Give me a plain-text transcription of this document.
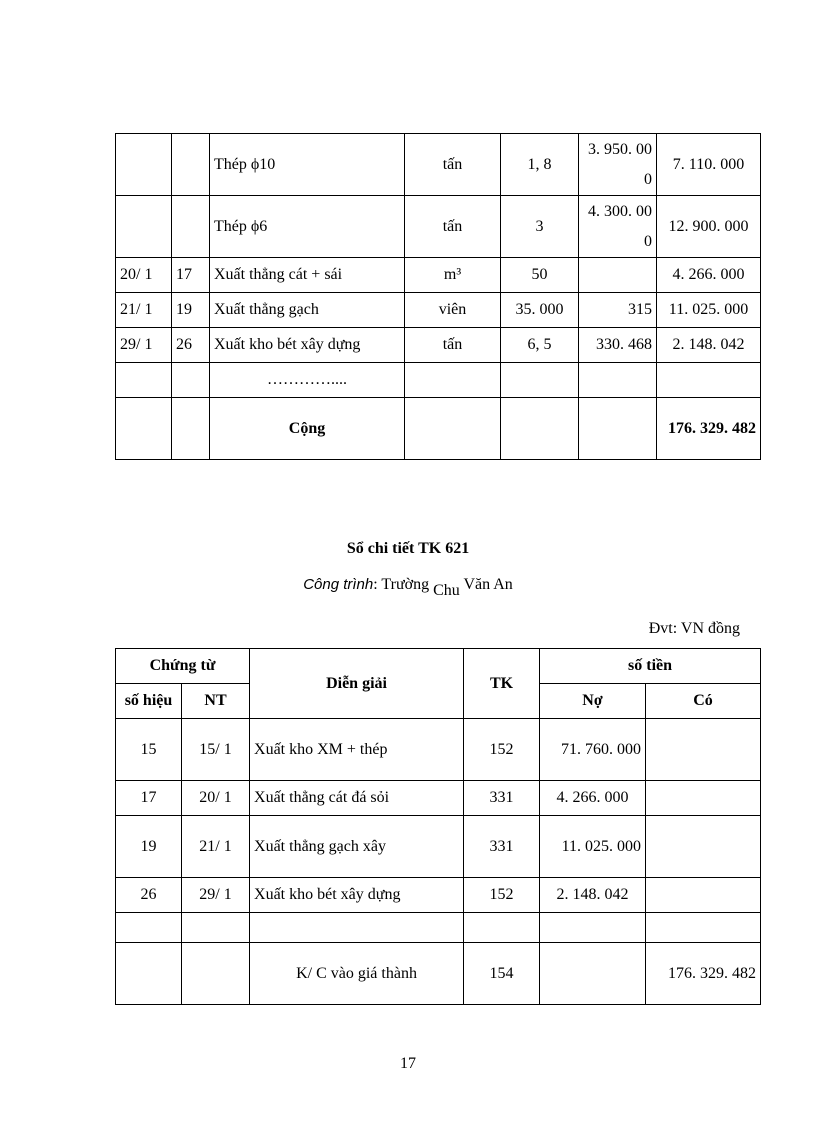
		Thép ϕ10	tấn	1, 8	3. 950. 000	7. 110. 000
		Thép ϕ6	tấn	3	4. 300. 000	12. 900. 000
20/ 1	17	Xuất thẳng cát + sái	m³	50		4. 266. 000
21/ 1	19	Xuất thẳng gạch	viên	35. 000	315	11. 025. 000
29/ 1	26	Xuất kho bét xây dựng	tấn	6, 5	330. 468	2. 148. 042
		…………....				
		Cộng				176. 329. 482
Sổ chi tiết TK 621
Công trình: Trường Chu Văn An
Đvt: VN đồng
Chứng từ		Diễn giải	TK	số tiền	
số hiệu	NT			Nợ	Có
15	15/ 1	Xuất kho XM + thép	152	71. 760. 000	
17	20/ 1	Xuất thẳng cát đá sỏi	331	4. 266. 000	
19	21/ 1	Xuất thẳng gạch xây	331	11. 025. 000	
26	29/ 1	Xuất kho bét xây dựng	152	2. 148. 042	

		K/ C vào giá thành	154		176. 329. 482
17
